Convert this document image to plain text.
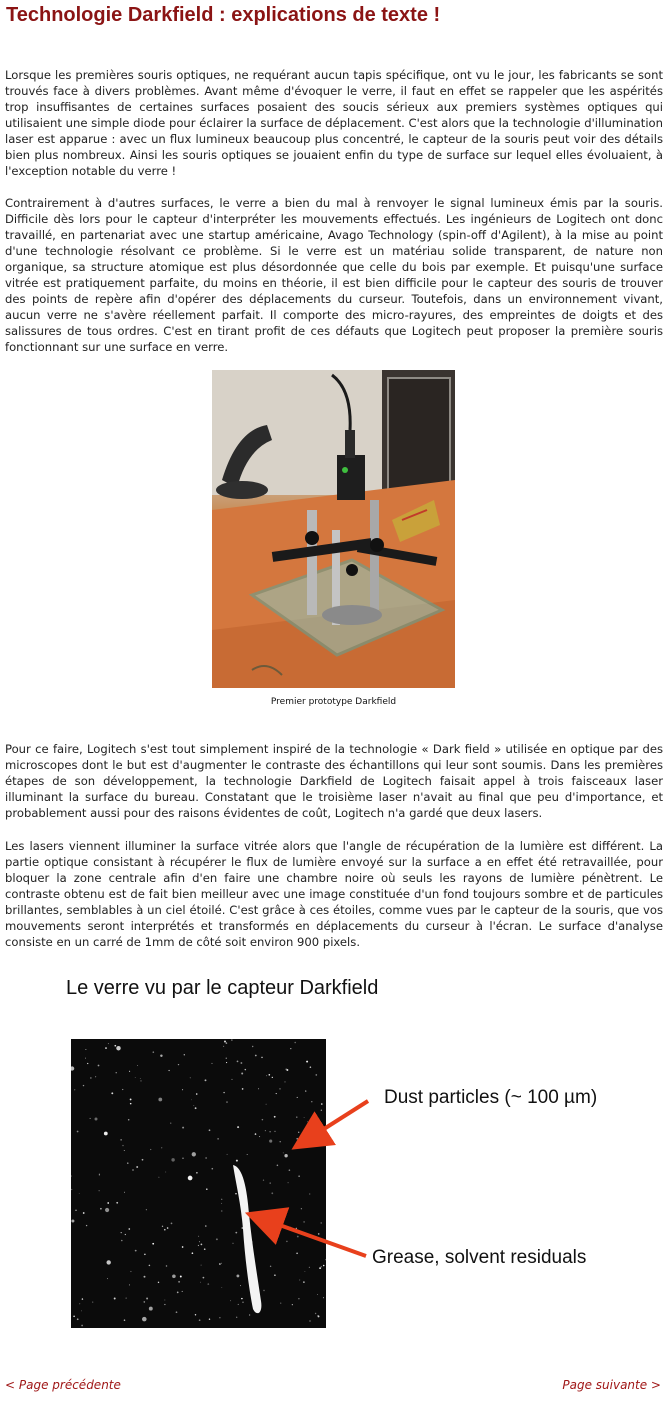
Technologie Darkfield : explications de texte !

Lorsque les premières souris optiques, ne requérant aucun tapis spécifique, ont vu le jour, les fabricants se sont trouvés face à divers problèmes. Avant même d'évoquer le verre, il faut en effet se rappeler que les aspérités trop insuffisantes de certaines surfaces posaient des soucis sérieux aux premiers systèmes optiques qui utilisaient une simple diode pour éclairer la surface de déplacement. C'est alors que la technologie d'illumination laser est apparue : avec un flux lumineux beaucoup plus concentré, le capteur de la souris peut voir des détails bien plus nombreux. Ainsi les souris optiques se jouaient enfin du type de surface sur lequel elles évoluaient, à l'exception notable du verre !

Contrairement à d'autres surfaces, le verre a bien du mal à renvoyer le signal lumineux émis par la souris. Difficile dès lors pour le capteur d'interpréter les mouvements effectués. Les ingénieurs de Logitech ont donc travaillé, en partenariat avec une startup américaine, Avago Technology (spin-off d'Agilent), à la mise au point d'une technologie résolvant ce problème. Si le verre est un matériau solide transparent, de nature non organique, sa structure atomique est plus désordonnée que celle du bois par exemple. Et puisqu'une surface vitrée est pratiquement parfaite, du moins en théorie, il est bien difficile pour le capteur des souris de trouver des points de repère afin d'opérer des déplacements du curseur. Toutefois, dans un environnement vivant, aucun verre ne s'avère réellement parfait. Il comporte des micro-rayures, des empreintes de doigts et des salissures de tous ordres. C'est en tirant profit de ces défauts que Logitech peut proposer la première souris fonctionnant sur une surface en verre.

Premier prototype Darkfield

Pour ce faire, Logitech s'est tout simplement inspiré de la technologie « Dark field » utilisée en optique par des microscopes dont le but est d'augmenter le contraste des échantillons qui leur sont soumis. Dans les premières étapes de son développement, la technologie Darkfield de Logitech faisait appel à trois faisceaux laser illuminant la surface du bureau. Constatant que le troisième laser n'avait au final que peu d'importance, et probablement aussi pour des raisons évidentes de coût, Logitech n'a gardé que deux lasers.

Les lasers viennent illuminer la surface vitrée alors que l'angle de récupération de la lumière est différent. La partie optique consistant à récupérer le flux de lumière envoyé sur la surface a en effet été retravaillée, pour bloquer la zone centrale afin d'en faire une chambre noire où seuls les rayons de lumière pénètrent. Le contraste obtenu est de fait bien meilleur avec une image constituée d'un fond toujours sombre et de particules brillantes, semblables à un ciel étoilé. C'est grâce à ces étoiles, comme vues par le capteur de la souris, que vos mouvements seront interprétés et transformés en déplacements du curseur à l'écran. Le surface d'analyse consiste en un carré de 1mm de côté soit environ 900 pixels.

Le verre vu par le capteur Darkfield

Dust particles (~ 100 µm)

Grease, solvent residuals

< Page précédente	Page suivante >
